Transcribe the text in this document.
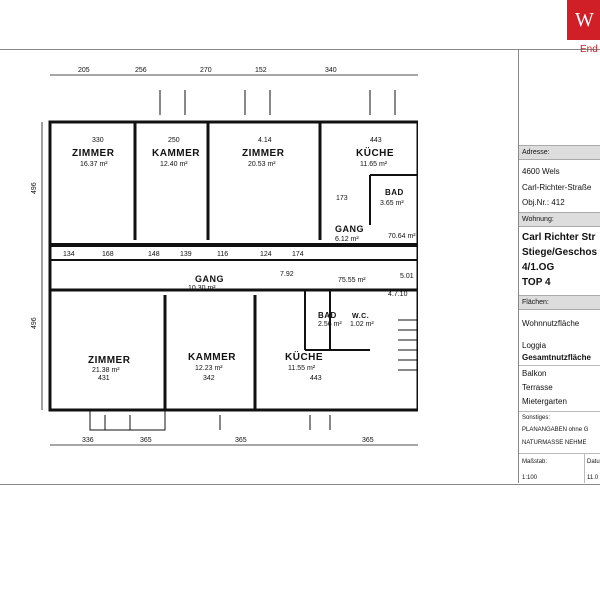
205	256	270	152	340
330	250	4.14	443
ZIMMER
16.37 m²
KAMMER
12.40 m²
ZIMMER
20.53 m²
KÜCHE
11.65 m²
BAD
3.65 m²
GANG
6.12 m²	70.64 m²
GANG
10.30 m²
7.92
75.55 m²
5.01
4.7.10
BAD
2.56 m²
W.C.
1.02 m²
ZIMMER
21.38 m²
KAMMER
12.23 m²
KÜCHE
11.55 m²
431	342	443
336	365	365	365
496
496
134	168	148	139	116	124	174
173
W
End
Adresse:
4600 Wels
Carl-Richter-Straße
Obj.Nr.: 412
Wohnung:
Carl Richter Str
Stiege/Geschos
4/1.OG
TOP 4
Flächen:
Wohnnutzfläche
Loggia
Gesamtnutzfläche
Balkon
Terrasse
Mietergarten
Sonstiges:
PLANANGABEN ohne G
NATURMASSE NEHME
Maßstab:
1:100
Datu
11.0
